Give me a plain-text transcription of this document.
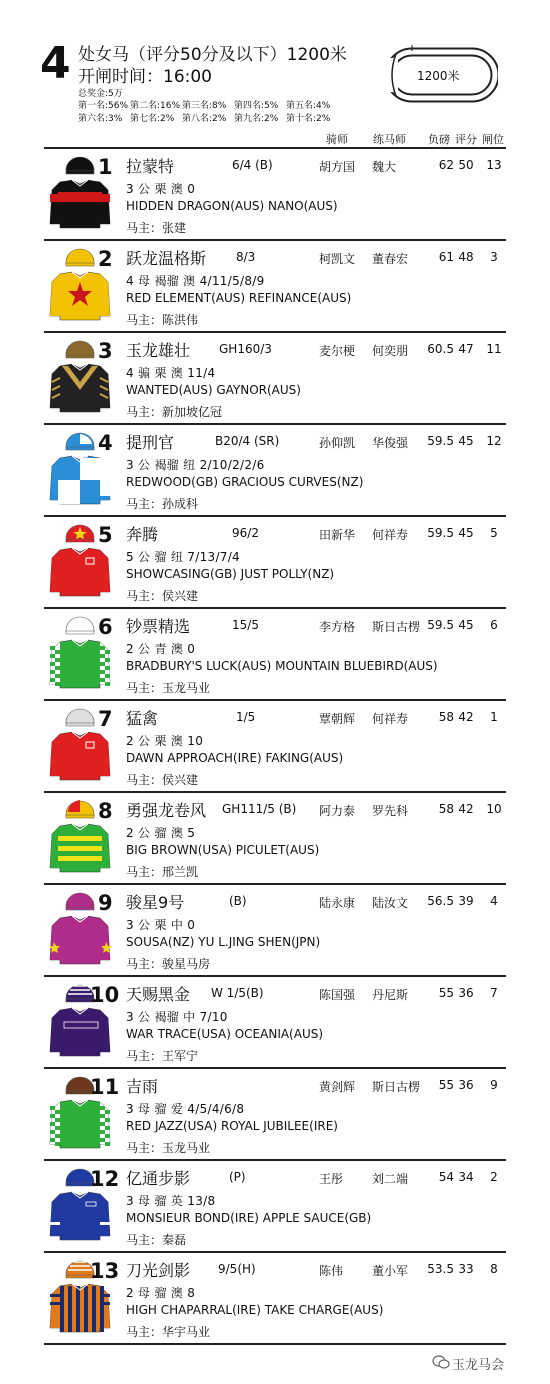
4 处女马（评分50分及以下）1200米
开闸时间：16:00
总奖金:5万
第一名:56% 第二名:16% 第三名:8% 第四名:5% 第五名:4%
第六名:3% 第七名:2% 第八名:2% 第九名:2% 第十名:2%
1200米
骑师 练马师 负磅 评分 闸位
1 拉蒙特	6/4 (B)	胡方国 魏大	62 50 13
3 公 栗 澳 0
HIDDEN DRAGON(AUS) NANO(AUS)
马主：张建
2 跃龙温格斯 8/3	柯凯文 董春宏	61 48	3
4 母 褐骝 澳 4/11/5/8/9
RED ELEMENT(AUS) REFINANCE(AUS)
马主：陈洪伟
3 玉龙雄壮 GH160/3	麦尔梗 何奕朋	60.5 47 11
4 骟 栗 澳 11/4
WANTED(AUS) GAYNOR(AUS)
马主：新加坡亿冠
4 提刑官	B20/4 (SR)	孙仰凯 华俊强	59.5 45 12
3 公 褐骝 纽 2/10/2/2/6
REDWOOD(GB) GRACIOUS CURVES(NZ)
马主：孙成科
5 奔腾	96/2	田新华 何祥寿	59.5 45	5
5 公 骝 纽 7/13/7/4
SHOWCASING(GB) JUST POLLY(NZ)
马主：侯兴建
6 钞票精选	15/5	李方格 斯日古楞 59.5 45	6
2 公 青 澳 0
BRADBURY'S LUCK(AUS) MOUNTAIN BLUEBIRD(AUS)
马主：玉龙马业
7 猛禽	1/5	覃朝辉 何祥寿	58 42	1
2 公 栗 澳 10
DAWN APPROACH(IRE) FAKING(AUS)
马主：侯兴建
8 勇强龙卷风 GH111/5 (B) 阿力泰 罗先科	58 42 10
2 公 骝 澳 5
BIG BROWN(USA) PICULET(AUS)
马主：邢兰凯
9 骏星9号	(B)	陆永康 陆汝文	56.5 39	4
3 公 栗 中 0
SOUSA(NZ) YU L.JING SHEN(JPN)
马主：骏星马房
10 天赐黑金 W 1/5(B)	陈国强 丹尼斯	55 36	7
3 公 褐骝 中 7/10
WAR TRACE(USA) OCEANIA(AUS)
马主：王军宁
11 吉雨	黄剑辉 斯日古楞	55 36	9
3 母 骝 爱 4/5/4/6/8
RED JAZZ(USA) ROYAL JUBILEE(IRE)
马主：玉龙马业
12 亿通步影	(P)	王彤 刘二端	54 34	2
3 母 骝 英 13/8
MONSIEUR BOND(IRE) APPLE SAUCE(GB)
马主：秦磊
13 刀光剑影 9/5(H)	陈伟 董小军	53.5 33	8
2 母 骝 澳 8
HIGH CHAPARRAL(IRE) TAKE CHARGE(AUS)
马主：华宇马业
玉龙马会
